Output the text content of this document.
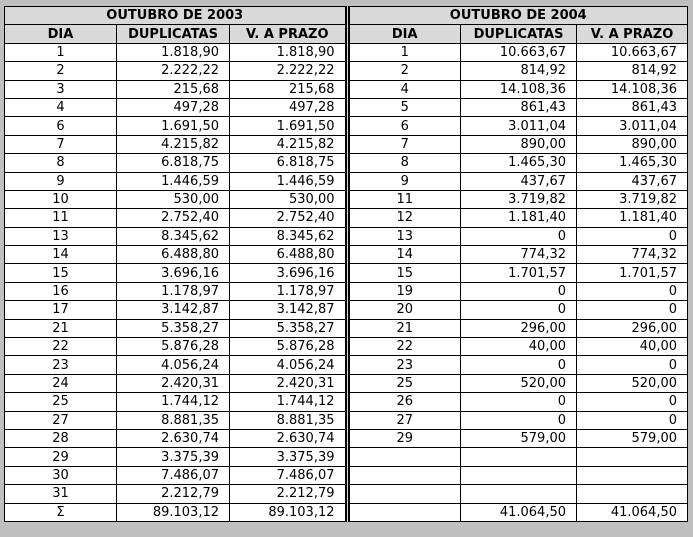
OUTUBRO DE 2003				OUTUBRO DE 2004		
DIA	DUPLICATAS	V. A PRAZO		DIA	DUPLICATAS	V. A PRAZO
1	1.818,90	1.818,90		1	10.663,67	10.663,67
2	2.222,22	2.222,22		2	814,92	814,92
3	215,68	215,68		4	14.108,36	14.108,36
4	497,28	497,28		5	861,43	861,43
6	1.691,50	1.691,50		6	3.011,04	3.011,04
7	4.215,82	4.215,82		7	890,00	890,00
8	6.818,75	6.818,75		8	1.465,30	1.465,30
9	1.446,59	1.446,59		9	437,67	437,67
10	530,00	530,00		11	3.719,82	3.719,82
11	2.752,40	2.752,40		12	1.181,40	1.181,40
13	8.345,62	8.345,62		13	0	0
14	6.488,80	6.488,80		14	774,32	774,32
15	3.696,16	3.696,16		15	1.701,57	1.701,57
16	1.178,97	1.178,97		19	0	0
17	3.142,87	3.142,87		20	0	0
21	5.358,27	5.358,27		21	296,00	296,00
22	5.876,28	5.876,28		22	40,00	40,00
23	4.056,24	4.056,24		23	0	0
24	2.420,31	2.420,31		25	520,00	520,00
25	1.744,12	1.744,12		26	0	0
27	8.881,35	8.881,35		27	0	0
28	2.630,74	2.630,74		29	579,00	579,00
29	3.375,39	3.375,39				
30	7.486,07	7.486,07				
31	2.212,79	2.212,79				
Σ	89.103,12	89.103,12			41.064,50	41.064,50
